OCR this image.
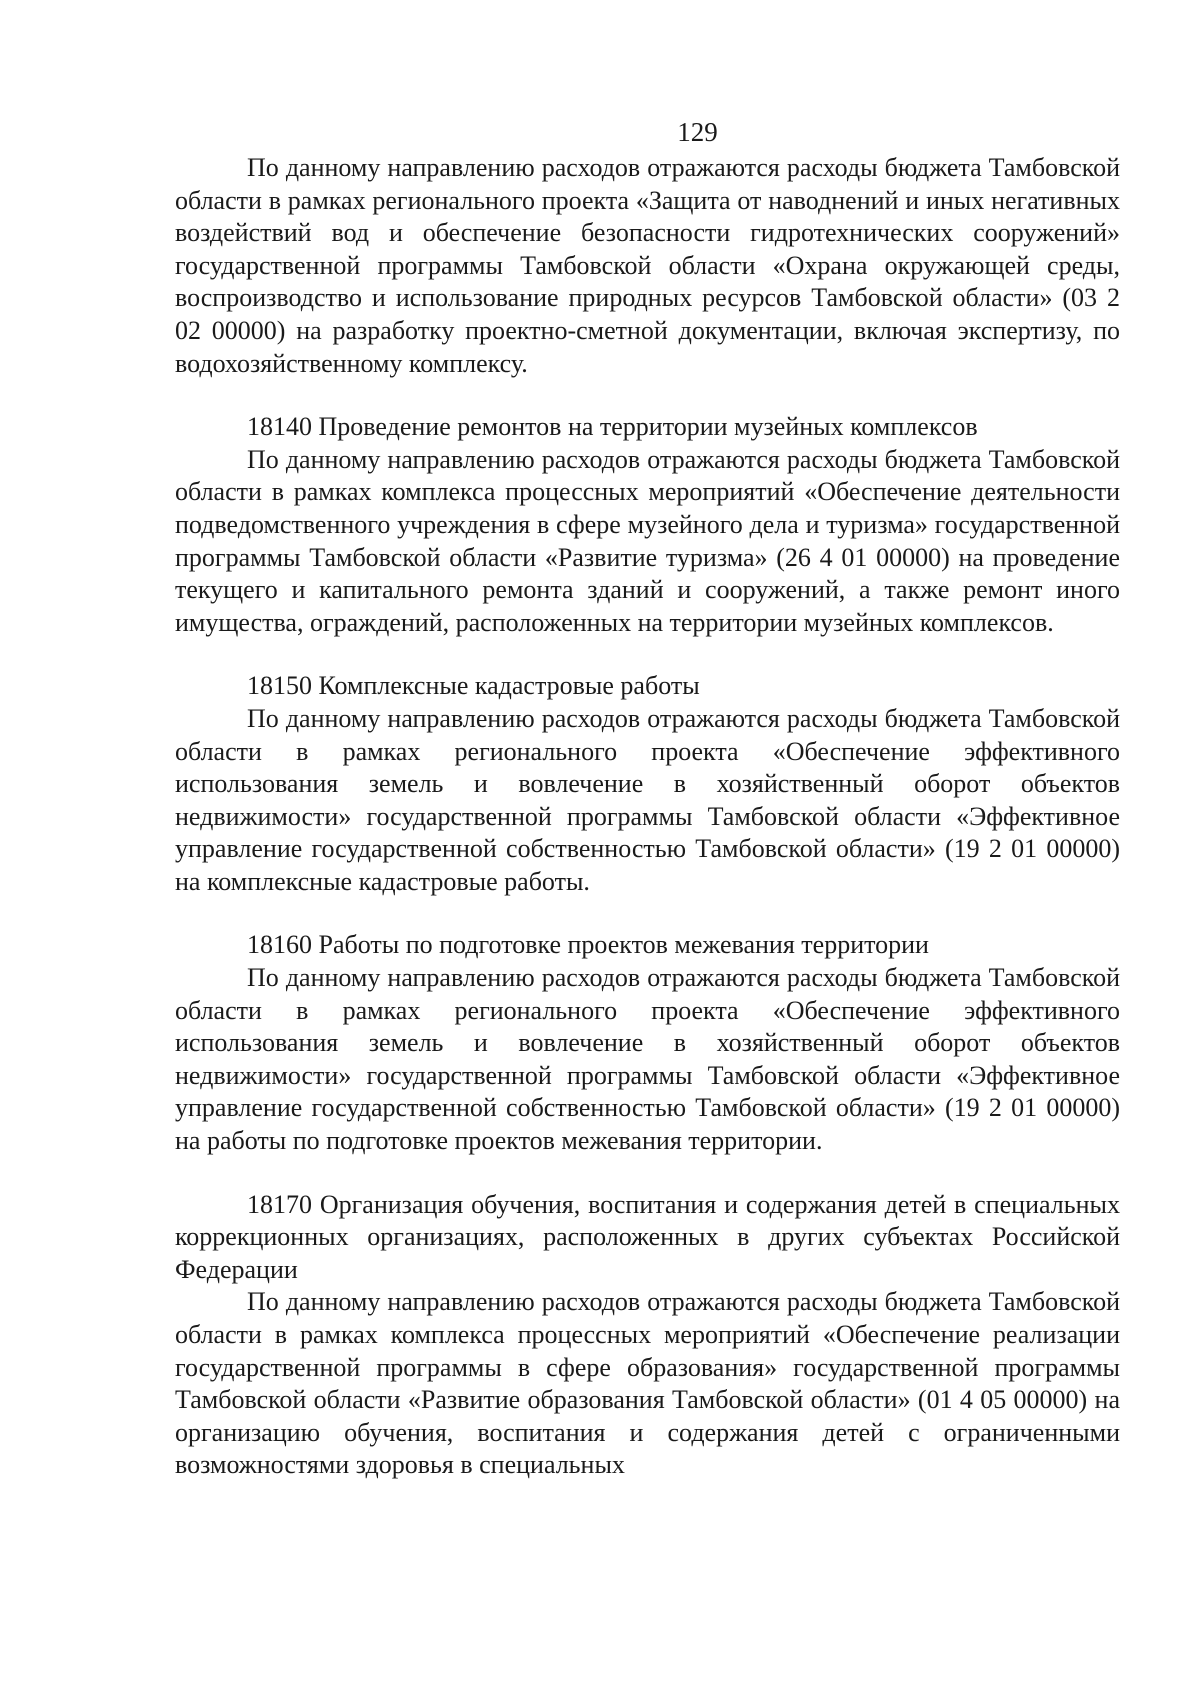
129

По данному направлению расходов отражаются расходы бюджета Тамбовской области в рамках регионального проекта «Защита от наводнений и иных негативных воздействий вод и обеспечение безопасности гидротехнических сооружений» государственной программы Тамбовской области «Охрана окружающей среды, воспроизводство и использование природных ресурсов Тамбовской области» (03 2 02 00000) на разработку проектно-сметной документации, включая экспертизу, по водохозяйственному комплексу.

18140 Проведение ремонтов на территории музейных комплексов

По данному направлению расходов отражаются расходы бюджета Тамбовской области в рамках комплекса процессных мероприятий «Обеспечение деятельности подведомственного учреждения в сфере музейного дела и туризма» государственной программы Тамбовской области «Развитие туризма» (26 4 01 00000) на проведение текущего и капитального ремонта зданий и сооружений, а также ремонт иного имущества, ограждений, расположенных на территории музейных комплексов.

18150 Комплексные кадастровые работы

По данному направлению расходов отражаются расходы бюджета Тамбовской области в рамках регионального проекта «Обеспечение эффективного использования земель и вовлечение в хозяйственный оборот объектов недвижимости» государственной программы Тамбовской области «Эффективное управление государственной собственностью Тамбовской области» (19 2 01 00000) на комплексные кадастровые работы.

18160 Работы по подготовке проектов межевания территории

По данному направлению расходов отражаются расходы бюджета Тамбовской области в рамках регионального проекта «Обеспечение эффективного использования земель и вовлечение в хозяйственный оборот объектов недвижимости» государственной программы Тамбовской области «Эффективное управление государственной собственностью Тамбовской области» (19 2 01 00000) на работы по подготовке проектов межевания территории.

18170 Организация обучения, воспитания и содержания детей в специальных коррекционных организациях, расположенных в других субъектах Российской Федерации

По данному направлению расходов отражаются расходы бюджета Тамбовской области в рамках комплекса процессных мероприятий «Обеспечение реализации государственной программы в сфере образования» государственной программы Тамбовской области «Развитие образования Тамбовской области» (01 4 05 00000) на организацию обучения, воспитания и содержания детей с ограниченными возможностями здоровья в специальных
